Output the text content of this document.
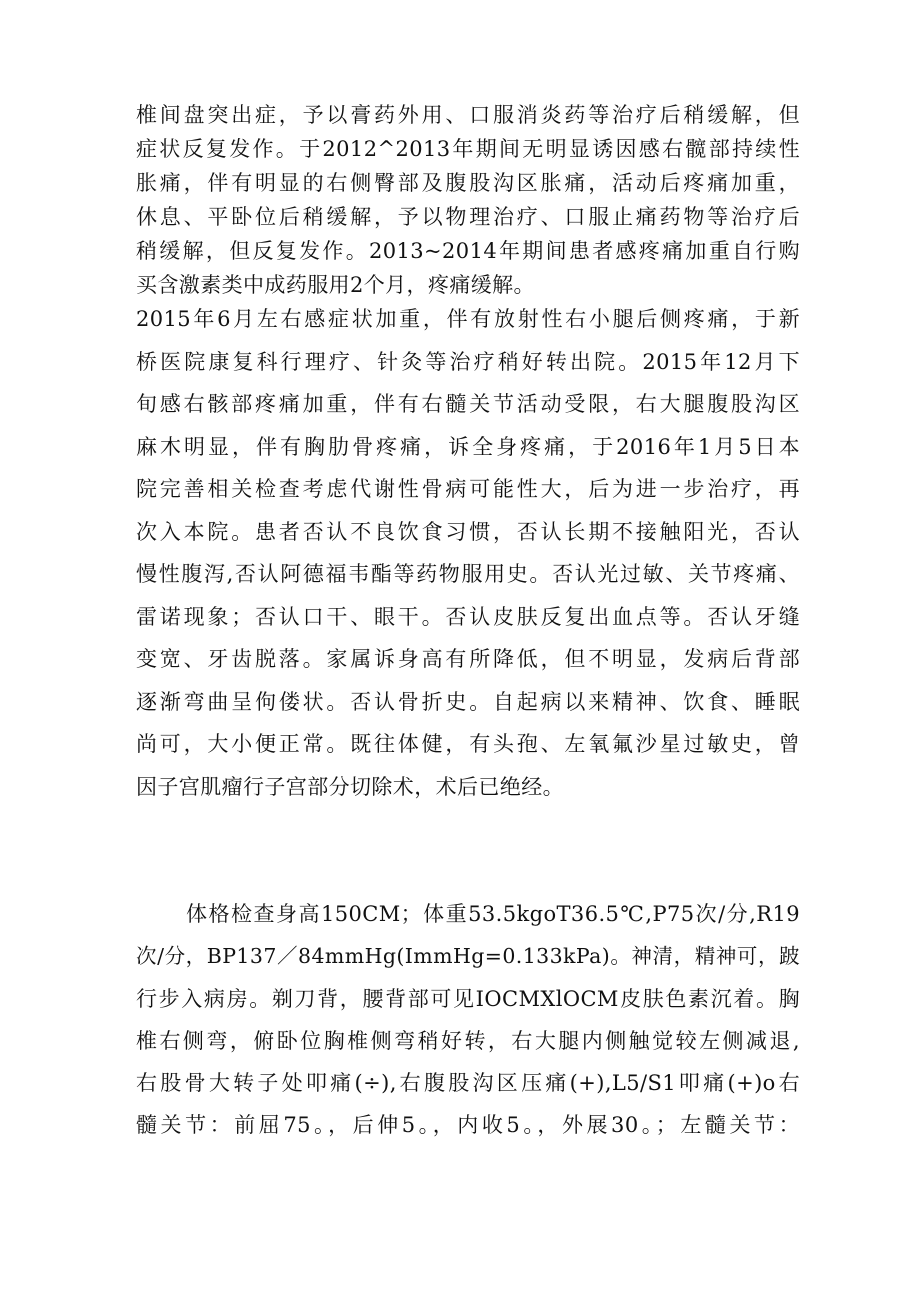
椎间盘突出症，予以膏药外用、口服消炎药等治疗后稍缓解，但
症状反复发作。于2012^2013年期间无明显诱因感右髋部持续性
胀痛，伴有明显的右侧臀部及腹股沟区胀痛，活动后疼痛加重，
休息、平卧位后稍缓解，予以物理治疗、口服止痛药物等治疗后
稍缓解，但反复发作。2013~2014年期间患者感疼痛加重自行购
买含激素类中成药服用2个月，疼痛缓解。
2015年6月左右感症状加重，伴有放射性右小腿后侧疼痛，于新
桥医院康复科行理疗、针灸等治疗稍好转出院。2015年12月下
旬感右骸部疼痛加重，伴有右髓关节活动受限，右大腿腹股沟区
麻木明显，伴有胸肋骨疼痛，诉全身疼痛，于2016年1月5日本
院完善相关检查考虑代谢性骨病可能性大，后为进一步治疗，再
次入本院。患者否认不良饮食习惯，否认长期不接触阳光，否认
慢性腹泻,否认阿德福韦酯等药物服用史。否认光过敏、关节疼痛、
雷诺现象；否认口干、眼干。否认皮肤反复出血点等。否认牙缝
变宽、牙齿脱落。家属诉身高有所降低，但不明显，发病后背部
逐渐弯曲呈佝偻状。否认骨折史。自起病以来精神、饮食、睡眠
尚可，大小便正常。既往体健，有头孢、左氧氟沙星过敏史，曾
因子宫肌瘤行子宫部分切除术，术后已绝经。
体格检查身高150CM；体重53.5kgoT36.5℃,P75次/分,R19
次/分，BP137／84mmHg(ImmHg=0.133kPa)。神清，精神可，跛
行步入病房。剃刀背，腰背部可见IOCMXlOCM皮肤色素沉着。胸
椎右侧弯，俯卧位胸椎侧弯稍好转，右大腿内侧触觉较左侧减退,
右股骨大转子处叩痛(÷),右腹股沟区压痛(+),L5/S1叩痛(+)o右
髓关节：前屈75。，后伸5。，内收5。，外展30。；左髓关节：
